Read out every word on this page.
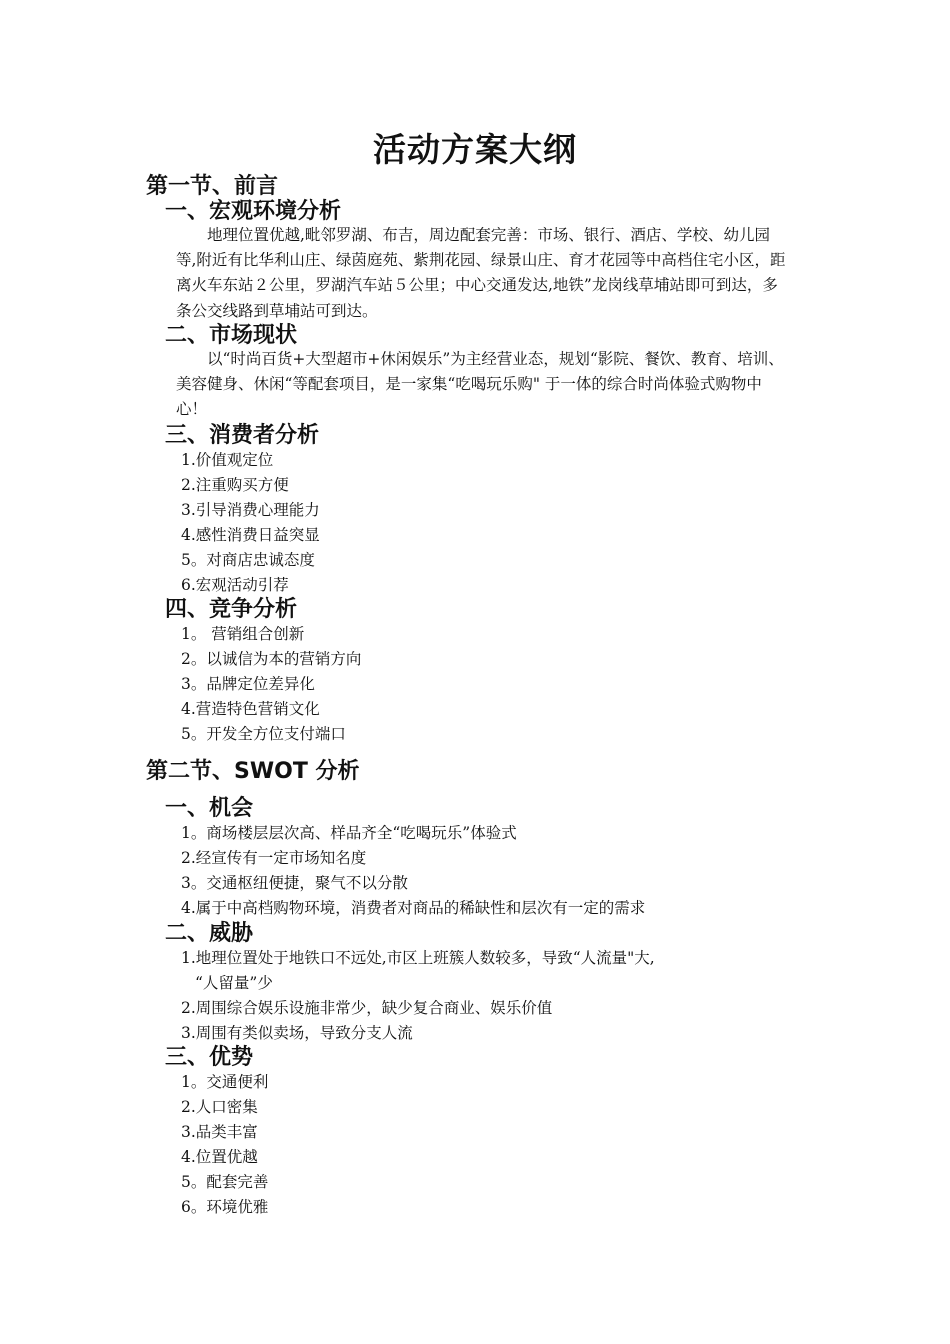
活动方案大纲
第一节、前言
一、宏观环境分析
地理位置优越,毗邻罗湖、布吉，周边配套完善：市场、银行、酒店、学校、幼儿园等,附近有比华利山庄、绿茵庭苑、紫荆花园、绿景山庄、育才花园等中高档住宅小区，距离火车东站２公里，罗湖汽车站５公里；中心交通发达,地铁”龙岗线草埔站即可到达，多条公交线路到草埔站可到达。
二、市场现状
以“时尚百货+大型超市+休闲娱乐”为主经营业态，规划“影院、餐饮、教育、培训、美容健身、休闲“等配套项目，是一家集“吃喝玩乐购" 于一体的综合时尚体验式购物中心！
三、消费者分析
1.价值观定位
2.注重购买方便
3.引导消费心理能力
4.感性消费日益突显
5。对商店忠诚态度
6.宏观活动引荐
四、竞争分析
1。 营销组合创新
2。以诚信为本的营销方向
3。品牌定位差异化
4.营造特色营销文化
5。开发全方位支付端口
第二节、SWOT 分析
一、机会
1。商场楼层层次高、样品齐全“吃喝玩乐”体验式
2.经宣传有一定市场知名度
3。交通枢纽便捷，聚气不以分散
4.属于中高档购物环境，消费者对商品的稀缺性和层次有一定的需求
二、威胁
1.地理位置处于地铁口不远处,市区上班簇人数较多，导致“人流量"大,
“人留量”少
2.周围综合娱乐设施非常少，缺少复合商业、娱乐价值
3.周围有类似卖场，导致分支人流
三、优势
1。交通便利
2.人口密集
3.品类丰富
4.位置优越
5。配套完善
6。环境优雅
